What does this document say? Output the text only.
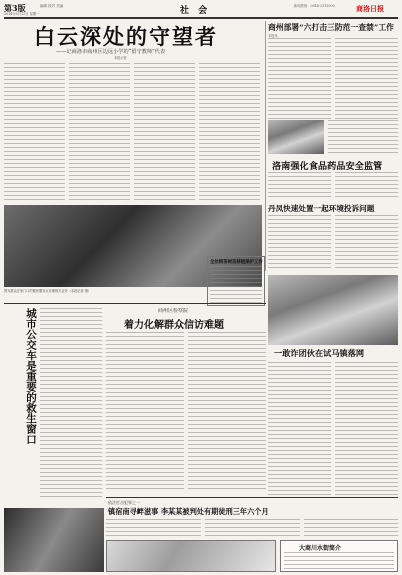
第3版	编辑 校对 美编	社 会	商洛日报
2014年5月12日 星期一
新闻热线：0914-2312000
白云深处的守望者
——记商洛市商州区边远小学的“留守教师”代表
本报记者
商州部署“六打击三防范一查禁”工作
本报讯
洛南强化食品药品安全监管
图为群众在家门口的便民服务点办理相关业务（本报记者 摄）
丹凤快速处置一起环境投诉问题
全丝桐茶树苗移植保护工作
城市公交车是重要的救生窗口	商州区检察院
着力化解群众信访难题
一敢诈团伙在试马镇落网
依法打击犯罪之一
镇宿南寻衅滋事 李某某被判处有期徒刑三年六个月
大商川水街简介
